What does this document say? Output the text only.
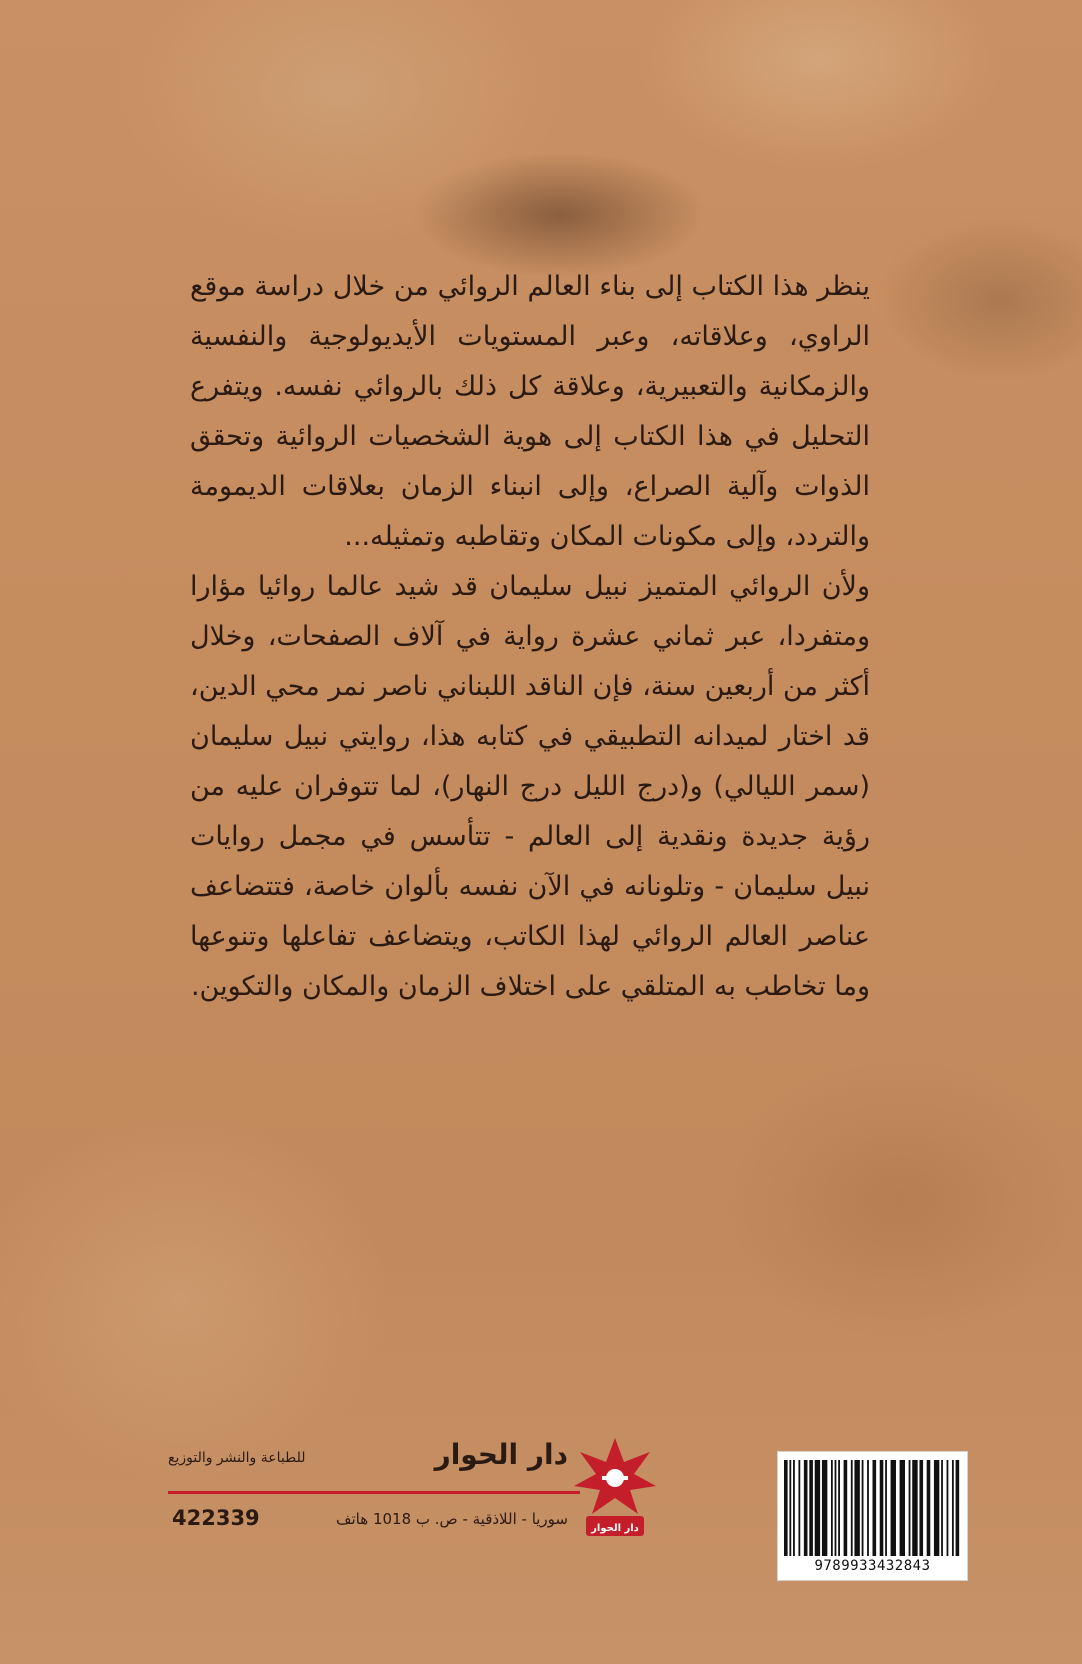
ينظر هذا الكتاب إلى بناء العالم الروائي من خلال دراسة موقع الراوي، وعلاقاته، وعبر المستويات الأيديولوجية والنفسية والزمكانية والتعبيرية، وعلاقة كل ذلك بالروائي نفسه. ويتفرع التحليل في هذا الكتاب إلى هوية الشخصيات الروائية وتحقق الذوات وآلية الصراع، وإلى انبناء الزمان بعلاقات الديمومة والتردد، وإلى مكونات المكان وتقاطبه وتمثيله...

ولأن الروائي المتميز نبيل سليمان قد شيد عالما روائيا مؤارا ومتفردا، عبر ثماني عشرة رواية في آلاف الصفحات، وخلال أكثر من أربعين سنة، فإن الناقد اللبناني ناصر نمر محي الدين، قد اختار لميدانه التطبيقي في كتابه هذا، روايتي نبيل سليمان (سمر الليالي) و(درج الليل درج النهار)، لما تتوفران عليه من رؤية جديدة ونقدية إلى العالم - تتأسس في مجمل روايات نبيل سليمان - وتلونانه في الآن نفسه بألوان خاصة، فتتضاعف عناصر العالم الروائي لهذا الكاتب، ويتضاعف تفاعلها وتنوعها وما تخاطب به المتلقي على اختلاف الزمان والمكان والتكوين.

دار الحوار
للطباعة والنشر والتوزيع
سوريا - اللاذقية - ص. ب 1018 هاتف
422339	دار الحوار
9789933432843
